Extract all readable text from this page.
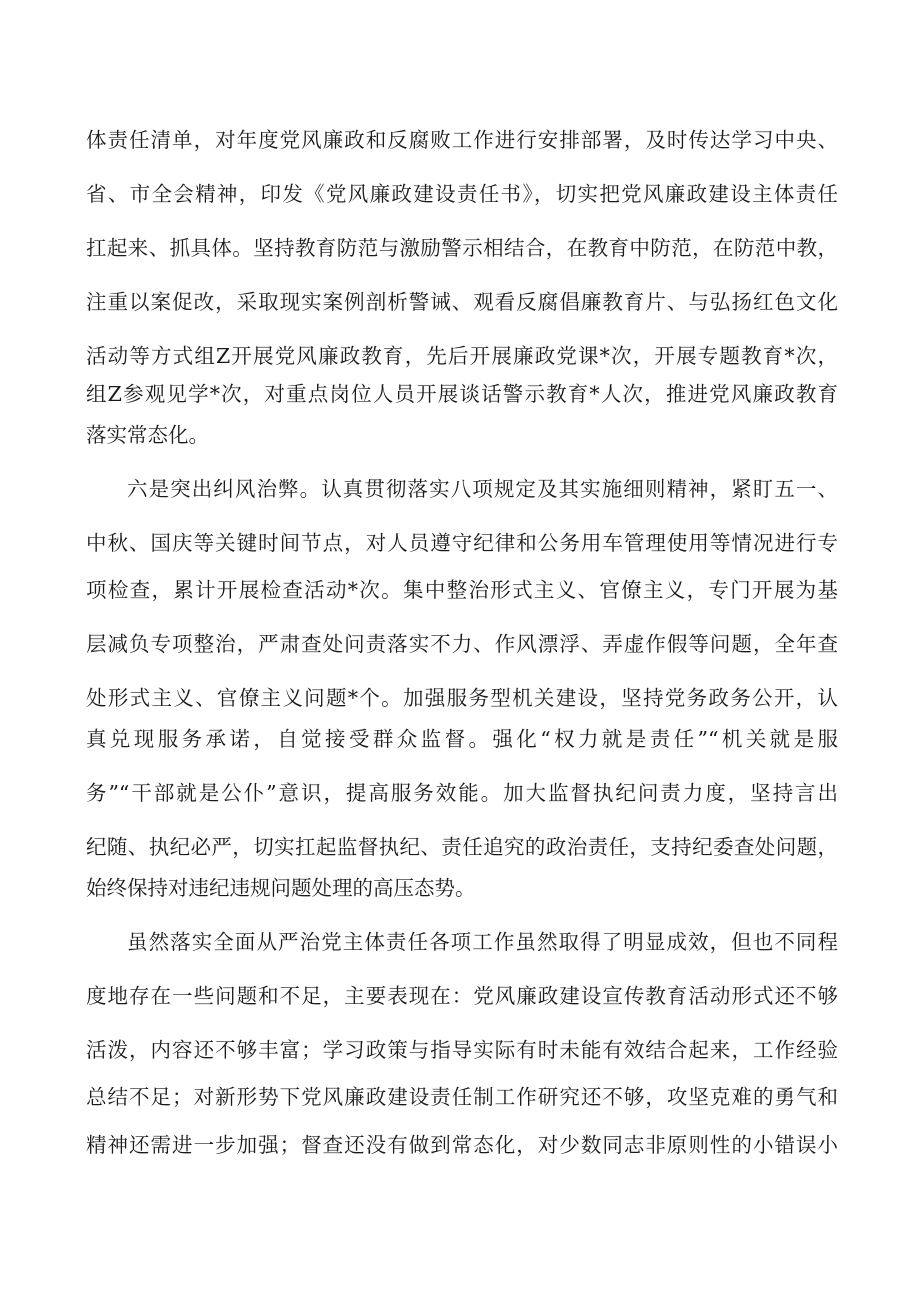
体责任清单，对年度党风廉政和反腐败工作进行安排部署，及时传达学习中央、

省、市全会精神，印发《党风廉政建设责任书》，切实把党风廉政建设主体责任

扛起来、抓具体。坚持教育防范与激励警示相结合，在教育中防范，在防范中教，

注重以案促改，采取现实案例剖析警诫、观看反腐倡廉教育片、与弘扬红色文化

活动等方式组Z开展党风廉政教育，先后开展廉政党课*次，开展专题教育*次，

组Z参观见学*次，对重点岗位人员开展谈话警示教育*人次，推进党风廉政教育

落实常态化。

六是突出纠风治弊。认真贯彻落实八项规定及其实施细则精神，紧盯五一、

中秋、国庆等关键时间节点，对人员遵守纪律和公务用车管理使用等情况进行专

项检查，累计开展检查活动*次。集中整治形式主义、官僚主义，专门开展为基

层减负专项整治，严肃查处问责落实不力、作风漂浮、弄虚作假等问题，全年查

处形式主义、官僚主义问题*个。加强服务型机关建设，坚持党务政务公开，认

真兑现服务承诺，自觉接受群众监督。强化“权力就是责任”“机关就是服

务”“干部就是公仆”意识，提高服务效能。加大监督执纪问责力度，坚持言出

纪随、执纪必严，切实扛起监督执纪、责任追究的政治责任，支持纪委查处问题，

始终保持对违纪违规问题处理的高压态势。

虽然落实全面从严治党主体责任各项工作虽然取得了明显成效，但也不同程

度地存在一些问题和不足，主要表现在：党风廉政建设宣传教育活动形式还不够

活泼，内容还不够丰富；学习政策与指导实际有时未能有效结合起来，工作经验

总结不足；对新形势下党风廉政建设责任制工作研究还不够，攻坚克难的勇气和

精神还需进一步加强；督查还没有做到常态化，对少数同志非原则性的小错误小
